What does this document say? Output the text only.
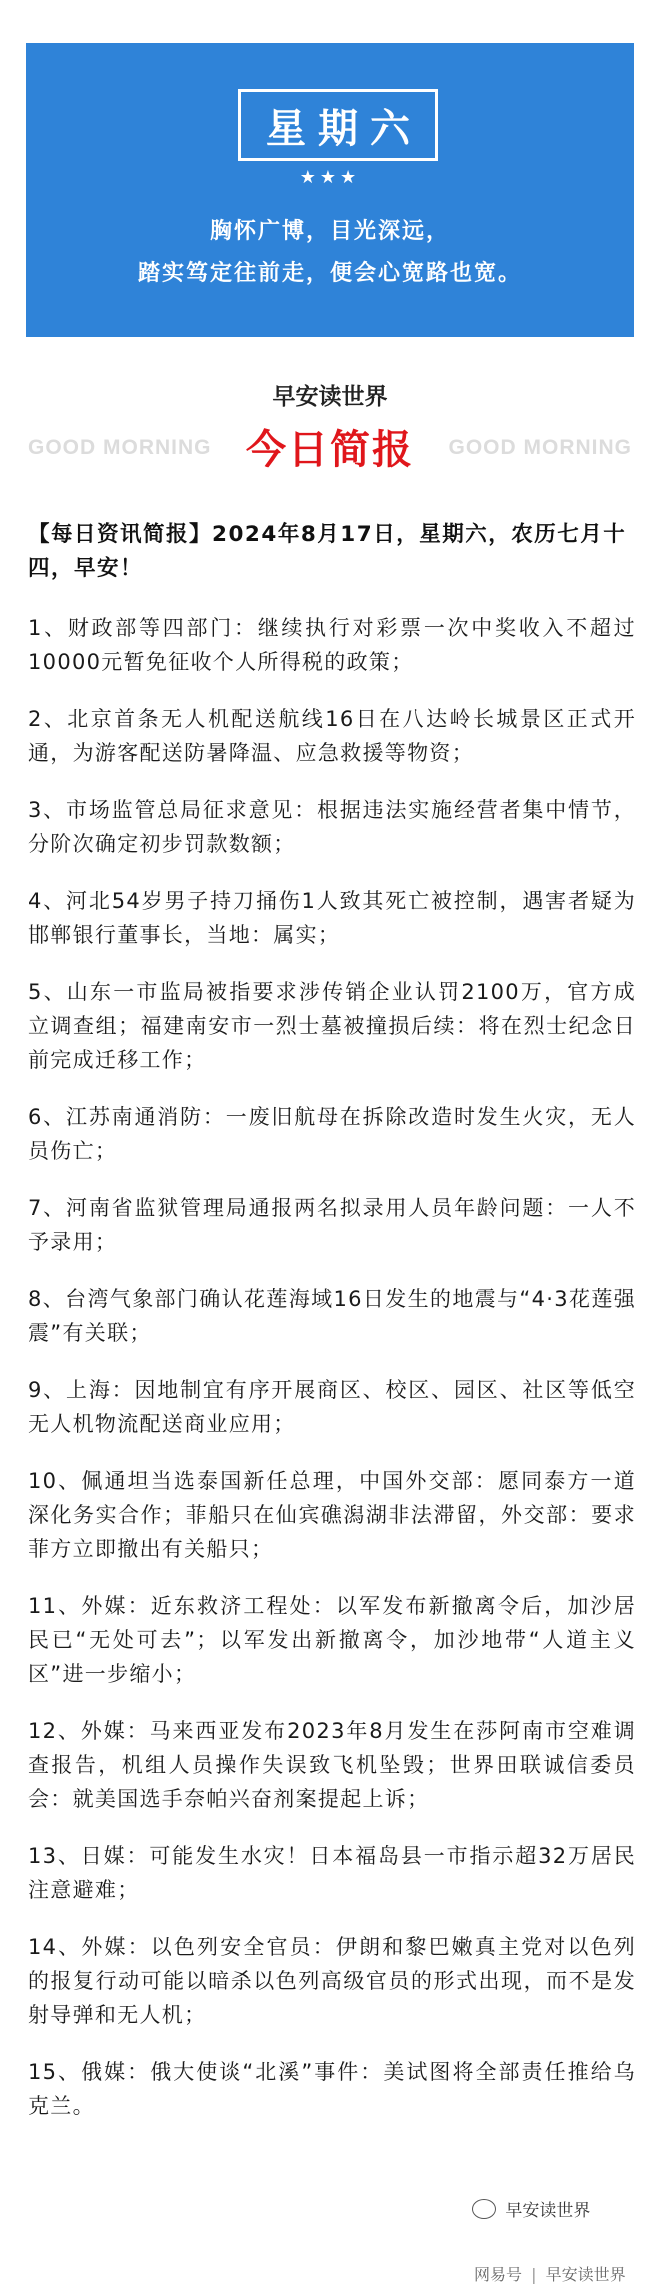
星期六
★★★
胸怀广博，目光深远，
踏实笃定往前走，便会心宽路也宽。
早安读世界
GOOD MORNING 今日简报	GOOD MORNING

【每日资讯简报】2024年8月17日，星期六，农历七月十四，早安！

1、财政部等四部门：继续执行对彩票一次中奖收入不超过10000元暂免征收个人所得税的政策；

2、北京首条无人机配送航线16日在八达岭长城景区正式开通，为游客配送防暑降温、应急救援等物资；

3、市场监管总局征求意见：根据违法实施经营者集中情节，分阶次确定初步罚款数额；

4、河北54岁男子持刀捅伤1人致其死亡被控制，遇害者疑为邯郸银行董事长，当地：属实；

5、山东一市监局被指要求涉传销企业认罚2100万，官方成立调查组；福建南安市一烈士墓被撞损后续：将在烈士纪念日前完成迁移工作；

6、江苏南通消防：一废旧航母在拆除改造时发生火灾，无人员伤亡；

7、河南省监狱管理局通报两名拟录用人员年龄问题：一人不予录用；

8、台湾气象部门确认花莲海域16日发生的地震与“4·3花莲强震”有关联；

9、上海：因地制宜有序开展商区、校区、园区、社区等低空无人机物流配送商业应用；

10、佩通坦当选泰国新任总理，中国外交部：愿同泰方一道深化务实合作；菲船只在仙宾礁潟湖非法滞留，外交部：要求菲方立即撤出有关船只；

11、外媒：近东救济工程处：以军发布新撤离令后，加沙居民已“无处可去”；以军发出新撤离令，加沙地带“人道主义区”进一步缩小；

12、外媒：马来西亚发布2023年8月发生在莎阿南市空难调查报告，机组人员操作失误致飞机坠毁；世界田联诚信委员会：就美国选手奈帕兴奋剂案提起上诉；

13、日媒：可能发生水灾！日本福岛县一市指示超32万居民注意避难；

14、外媒：以色列安全官员：伊朗和黎巴嫩真主党对以色列的报复行动可能以暗杀以色列高级官员的形式出现，而不是发射导弹和无人机；

15、俄媒：俄大使谈“北溪”事件：美试图将全部责任推给乌克兰。

早安读世界
网易号 | 早安读世界
